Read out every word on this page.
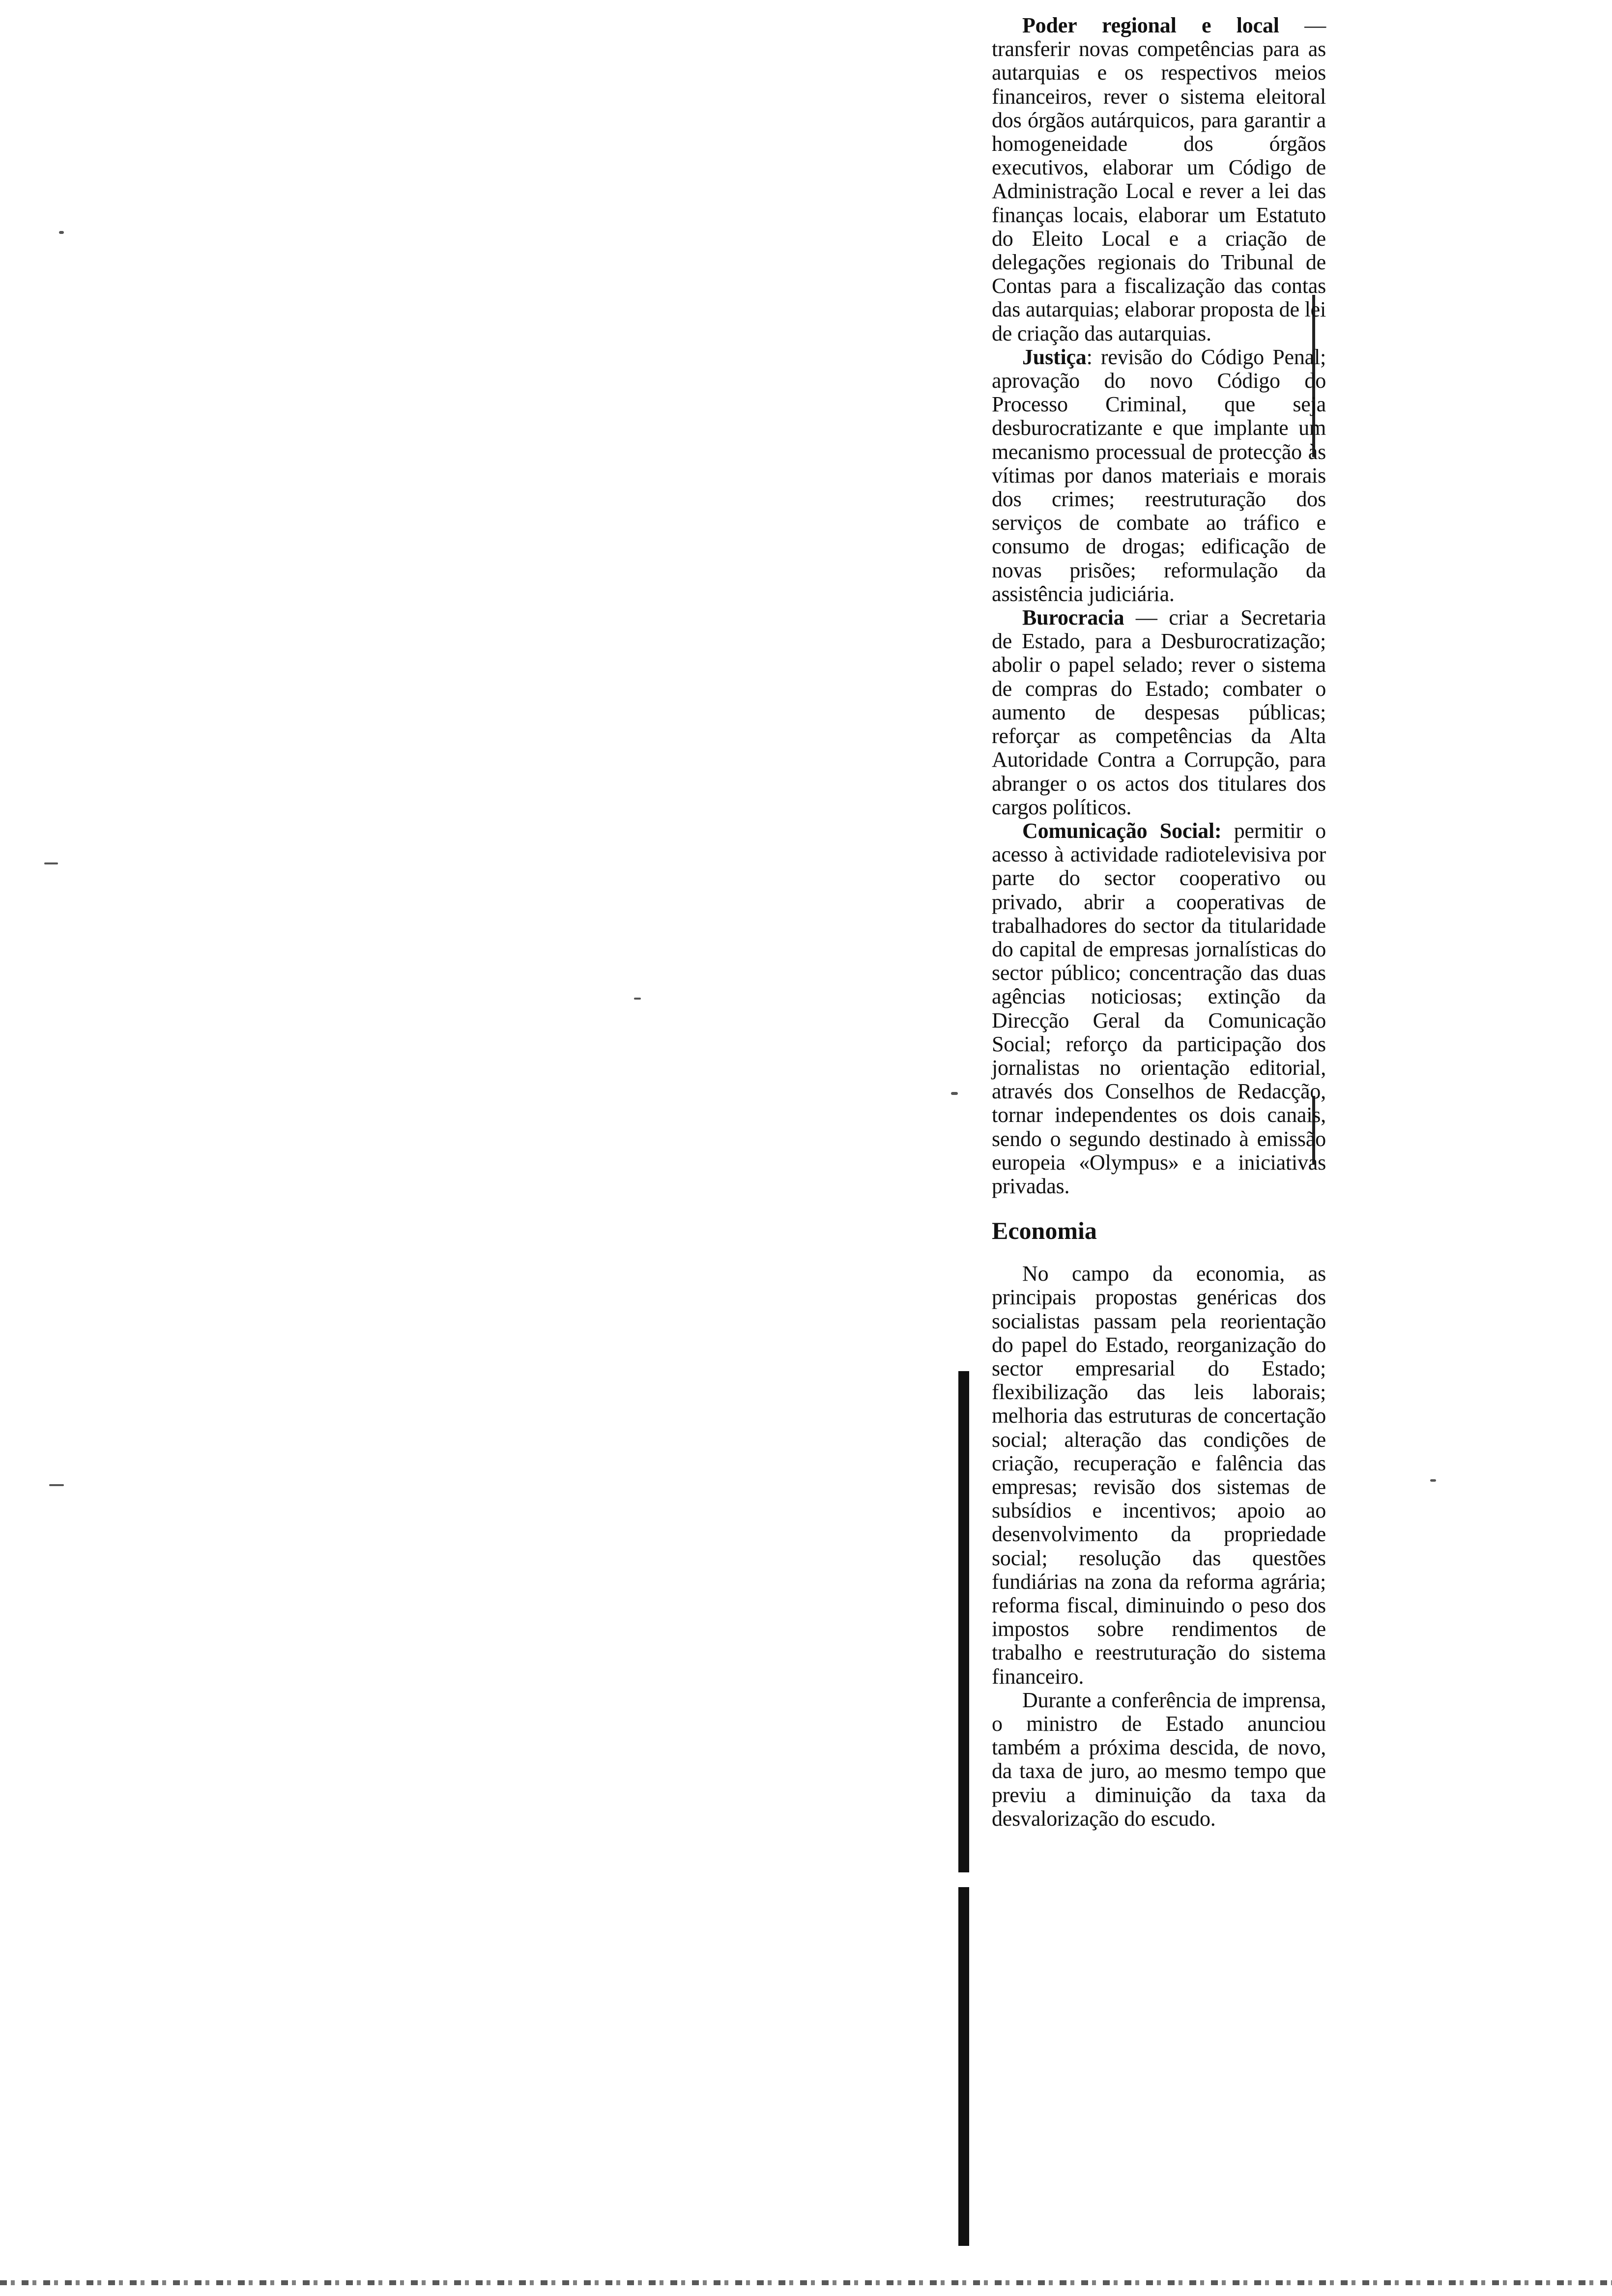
Poder regional e local — transferir novas competências para as autarquias e os respectivos meios financeiros, rever o sistema eleitoral dos órgãos autárquicos, para garantir a homogeneidade dos órgãos executivos, elaborar um Código de Administração Local e rever a lei das finanças locais, elaborar um Estatuto do Eleito Local e a criação de delegações regionais do Tribunal de Contas para a fiscalização das contas das autarquias; elaborar proposta de lei de criação das autarquias.

Justiça: revisão do Código Penal; aprovação do novo Código do Processo Criminal, que seja desburocratizante e que implante um mecanismo processual de protecção às vítimas por danos materiais e morais dos crimes; reestruturação dos serviços de combate ao tráfico e consumo de drogas; edificação de novas prisões; reformulação da assistência judiciária.

Burocracia — criar a Secretaria de Estado, para a Desburocratização; abolir o papel selado; rever o sistema de compras do Estado; combater o aumento de despesas públicas; reforçar as competências da Alta Autoridade Contra a Corrupção, para abranger o os actos dos titulares dos cargos políticos.

Comunicação Social: permitir o acesso à actividade radiotelevisiva por parte do sector cooperativo ou privado, abrir a cooperativas de trabalhadores do sector da titularidade do capital de empresas jornalísticas do sector público; concentração das duas agências noticiosas; extinção da Direcção Geral da Comunicação Social; reforço da participação dos jornalistas no orientação editorial, através dos Conselhos de Redacção, tornar independentes os dois canais, sendo o segundo destinado à emissão europeia «Olympus» e a iniciativas privadas.

Economia

No campo da economia, as principais propostas genéricas dos socialistas passam pela reorientação do papel do Estado, reorganização do sector empresarial do Estado; flexibilização das leis laborais; melhoria das estruturas de concertação social; alteração das condições de criação, recuperação e falência das empresas; revisão dos sistemas de subsídios e incentivos; apoio ao desenvolvimento da propriedade social; resolução das questões fundiárias na zona da reforma agrária; reforma fiscal, diminuindo o peso dos impostos sobre rendimentos de trabalho e reestruturação do sistema financeiro.

Durante a conferência de imprensa, o ministro de Estado anunciou também a próxima descida, de novo, da taxa de juro, ao mesmo tempo que previu a diminuição da taxa da desvalorização do escudo.
